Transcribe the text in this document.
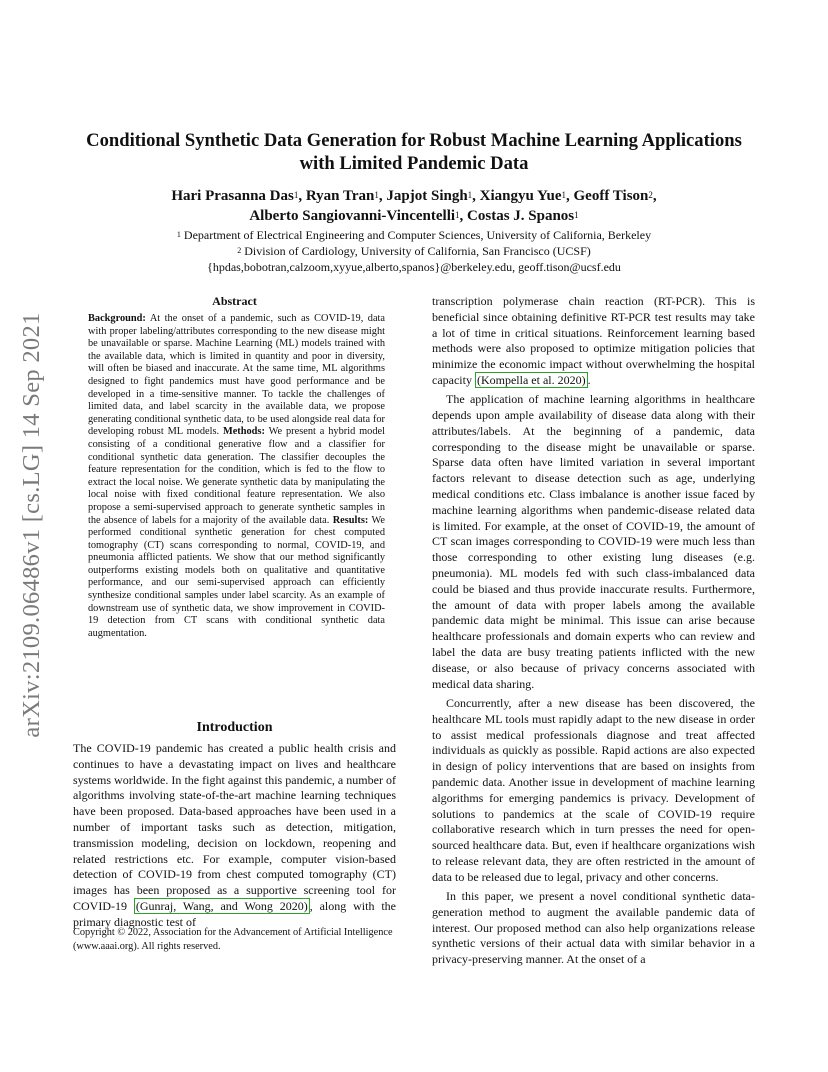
arXiv:2109.06486v1 [cs.LG] 14 Sep 2021
Conditional Synthetic Data Generation for Robust Machine Learning Applications
with Limited Pandemic Data
Hari Prasanna Das$^1$, Ryan Tran$^1$, Japjot Singh$^1$, Xiangyu Yue$^1$, Geoff Tison$^2$,
Alberto Sangiovanni-Vincentelli$^1$, Costas J. Spanos$^1$
$^1$ Department of Electrical Engineering and Computer Sciences, University of California, Berkeley
$^2$ Division of Cardiology, University of California, San Francisco (UCSF)
{hpdas,bobotran,calzoom,xyyue,alberto,spanos}@berkeley.edu, geoff.tison@ucsf.edu
Abstract

Background: At the onset of a pandemic, such as COVID-19, data with proper labeling/attributes corresponding to the new disease might be unavailable or sparse. Machine Learning (ML) models trained with the available data, which is limited in quantity and poor in diversity, will often be biased and inaccurate. At the same time, ML algorithms designed to fight pandemics must have good performance and be developed in a time-sensitive manner. To tackle the challenges of limited data, and label scarcity in the available data, we propose generating conditional synthetic data, to be used alongside real data for developing robust ML models. Methods: We present a hybrid model consisting of a conditional generative flow and a classifier for conditional synthetic data generation. The classifier decouples the feature representation for the condition, which is fed to the flow to extract the local noise. We generate synthetic data by manipulating the local noise with fixed conditional feature representation. We also propose a semi-supervised approach to generate synthetic samples in the absence of labels for a majority of the available data. Results: We performed conditional synthetic generation for chest computed tomography (CT) scans corresponding to normal, COVID-19, and pneumonia afflicted patients. We show that our method significantly outperforms existing models both on qualitative and quantitative performance, and our semi-supervised approach can efficiently synthesize conditional samples under label scarcity. As an example of downstream use of synthetic data, we show improvement in COVID-19 detection from CT scans with conditional synthetic data augmentation.

Introduction

The COVID-19 pandemic has created a public health crisis and continues to have a devastating impact on lives and healthcare systems worldwide. In the fight against this pandemic, a number of algorithms involving state-of-the-art machine learning techniques have been proposed. Data-based approaches have been used in a number of important tasks such as detection, mitigation, transmission modeling, decision on lockdown, reopening and related restrictions etc. For example, computer vision-based detection of COVID-19 from chest computed tomography (CT) images has been proposed as a supportive screening tool for COVID-19 (Gunraj, Wang, and Wong 2020) , along with the primary diagnostic test of

Copyright © 2022, Association for the Advancement of Artificial Intelligence (www.aaai.org). All rights reserved.

transcription polymerase chain reaction (RT-PCR). This is beneficial since obtaining definitive RT-PCR test results may take a lot of time in critical situations. Reinforcement learning based methods were also proposed to optimize mitigation policies that minimize the economic impact without overwhelming the hospital capacity (Kompella et al. 2020) .

The application of machine learning algorithms in healthcare depends upon ample availability of disease data along with their attributes/labels. At the beginning of a pandemic, data corresponding to the disease might be unavailable or sparse. Sparse data often have limited variation in several important factors relevant to disease detection such as age, underlying medical conditions etc. Class imbalance is another issue faced by machine learning algorithms when pandemic-disease related data is limited. For example, at the onset of COVID-19, the amount of CT scan images corresponding to COVID-19 were much less than those corresponding to other existing lung diseases (e.g. pneumonia). ML models fed with such class-imbalanced data could be biased and thus provide inaccurate results. Furthermore, the amount of data with proper labels among the available pandemic data might be minimal. This issue can arise because healthcare professionals and domain experts who can review and label the data are busy treating patients inflicted with the new disease, or also because of privacy concerns associated with medical data sharing.

Concurrently, after a new disease has been discovered, the healthcare ML tools must rapidly adapt to the new disease in order to assist medical professionals diagnose and treat affected individuals as quickly as possible. Rapid actions are also expected in design of policy interventions that are based on insights from pandemic data. Another issue in development of machine learning algorithms for emerging pandemics is privacy. Development of solutions to pandemics at the scale of COVID-19 require collaborative research which in turn presses the need for open-sourced healthcare data. But, even if healthcare organizations wish to release relevant data, they are often restricted in the amount of data to be released due to legal, privacy and other concerns.

In this paper, we present a novel conditional synthetic data-generation method to augment the available pandemic data of interest. Our proposed method can also help organizations release synthetic versions of their actual data with similar behavior in a privacy-preserving manner. At the onset of a
